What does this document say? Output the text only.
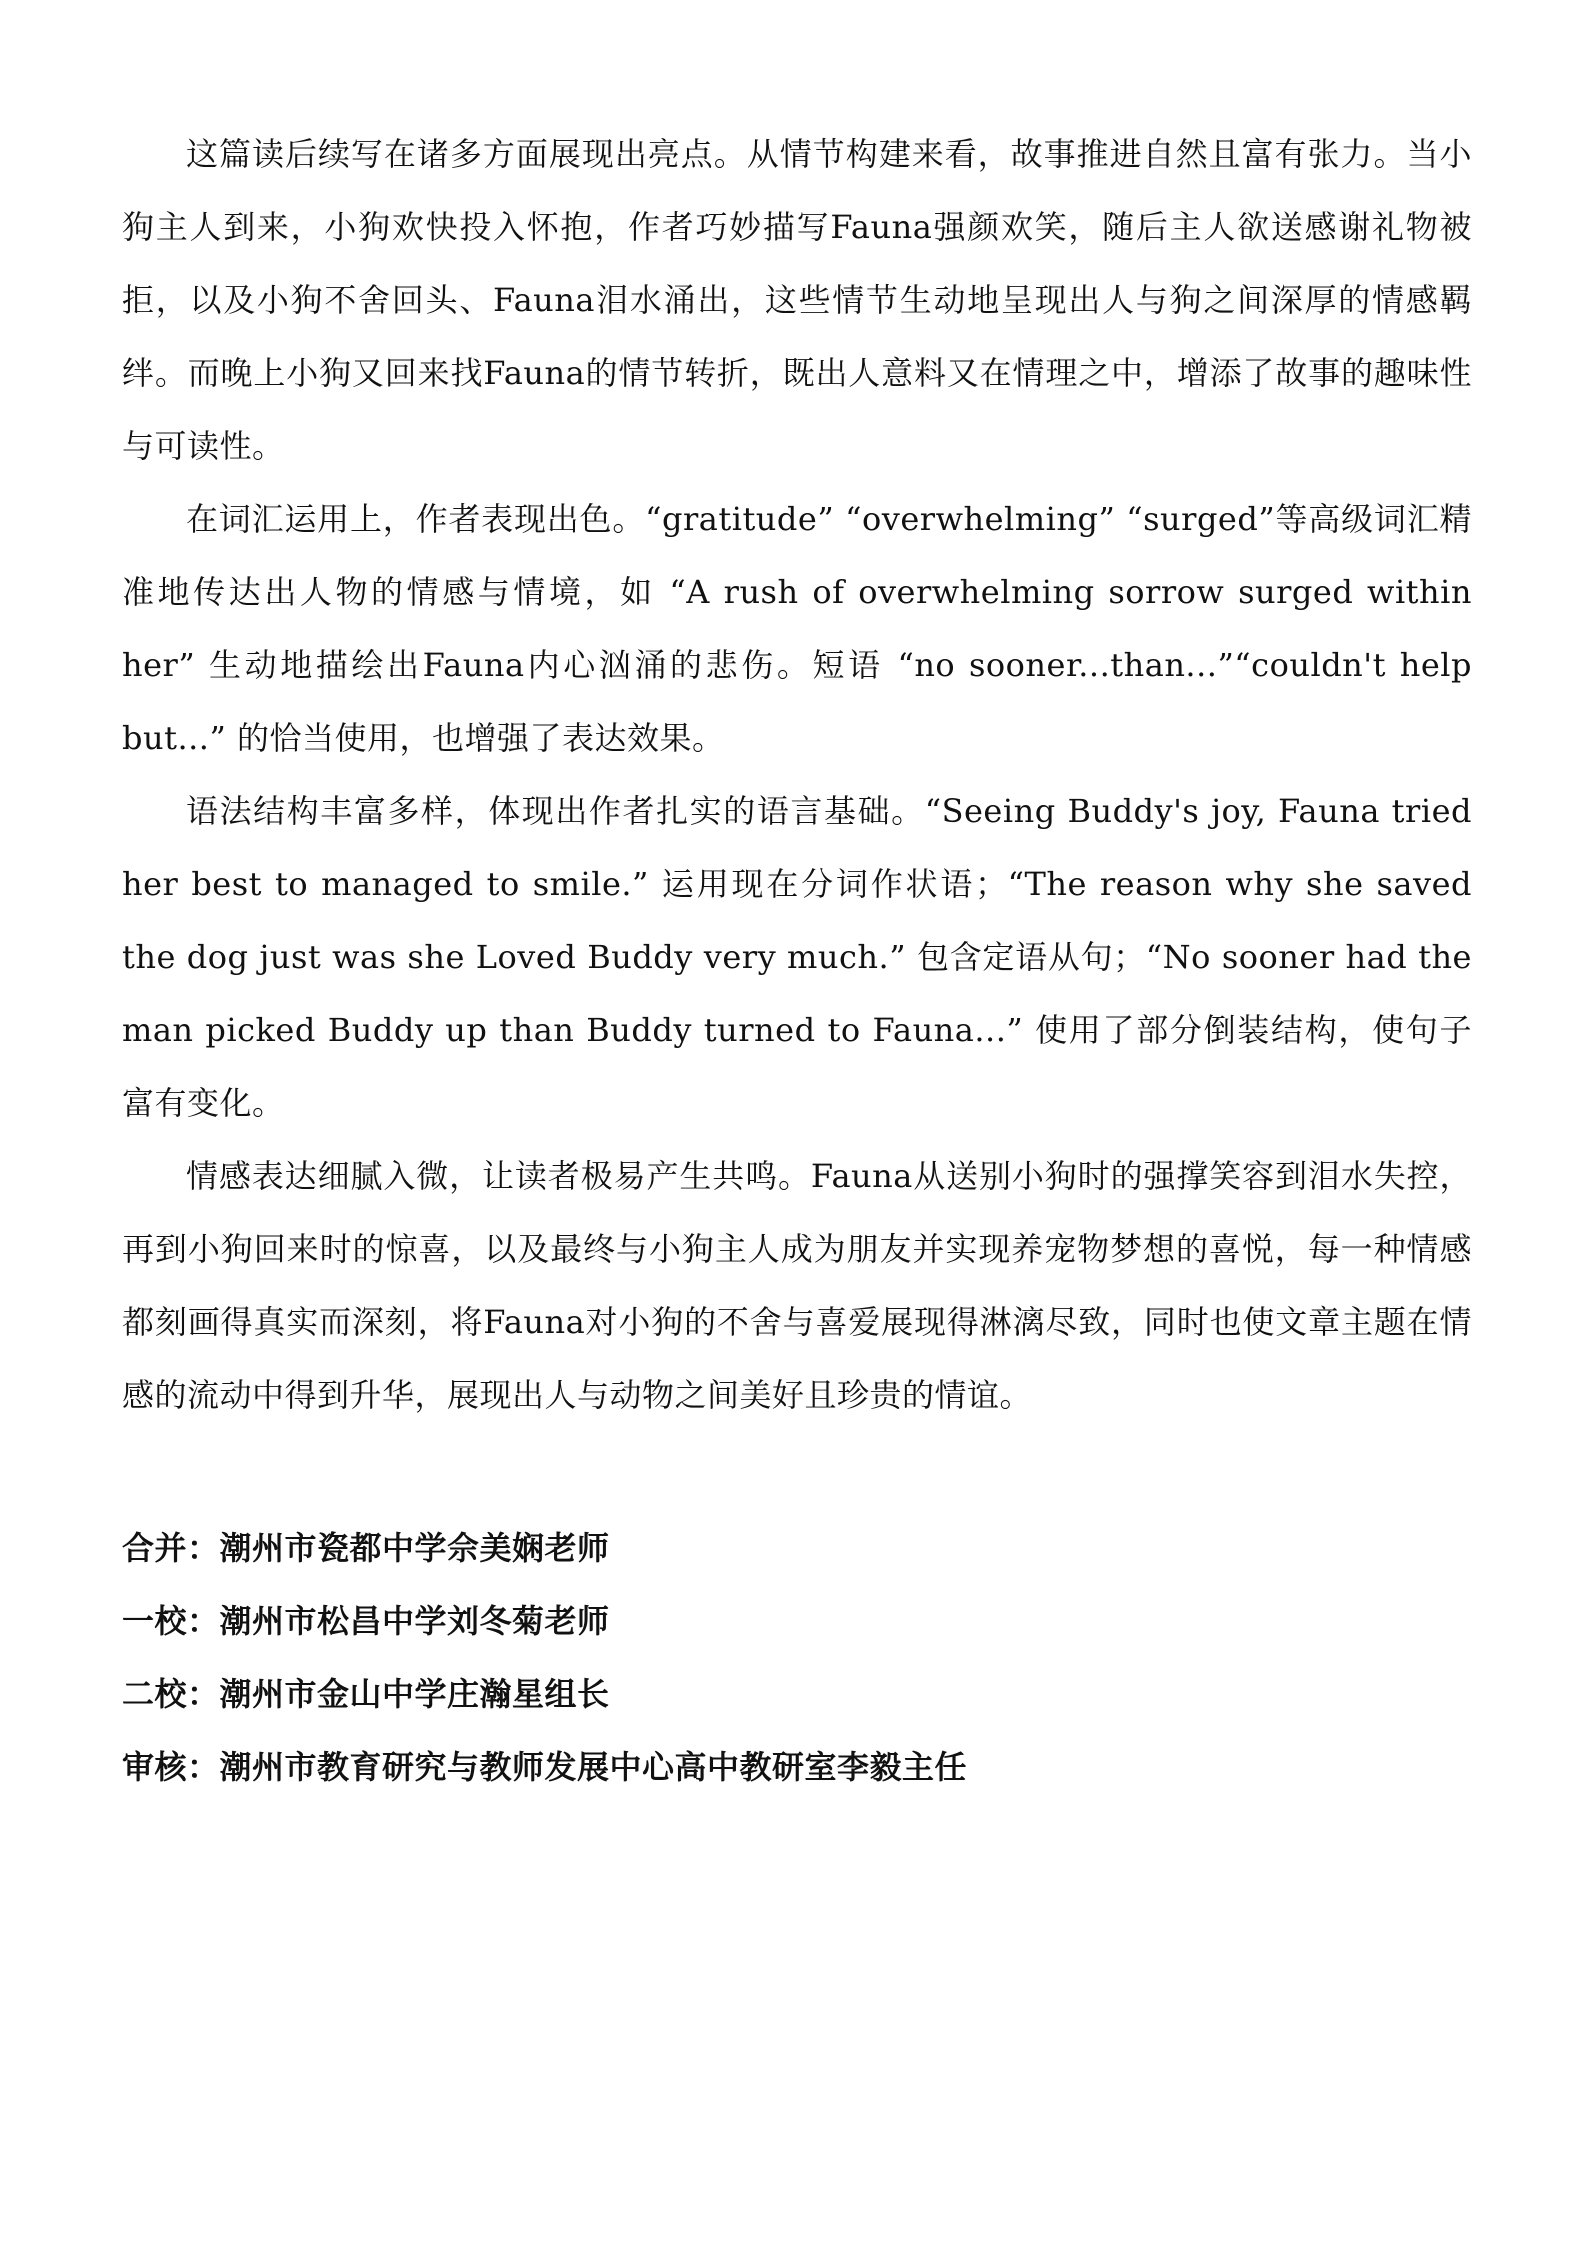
这篇读后续写在诸多方面展现出亮点。从情节构建来看，故事推进自然且富有张力。当小狗主人到来，小狗欢快投入怀抱，作者巧妙描写Fauna强颜欢笑，随后主人欲送感谢礼物被拒，以及小狗不舍回头、Fauna泪水涌出，这些情节生动地呈现出人与狗之间深厚的情感羁绊。而晚上小狗又回来找Fauna的情节转折，既出人意料又在情理之中，增添了故事的趣味性与可读性。

在词汇运用上，作者表现出色。“gratitude” “overwhelming” “surged”等高级词汇精准地传达出人物的情感与情境，如 “A rush of overwhelming sorrow surged within her” 生动地描绘出Fauna内心汹涌的悲伤。短语 “no sooner...than...”“couldn't help but...” 的恰当使用，也增强了表达效果。

语法结构丰富多样，体现出作者扎实的语言基础。“Seeing Buddy's joy, Fauna tried her best to managed to smile.” 运用现在分词作状语；“The reason why she saved the dog just was she Loved Buddy very much.” 包含定语从句；“No sooner had the man picked Buddy up than Buddy turned to Fauna...” 使用了部分倒装结构，使句子富有变化。

情感表达细腻入微，让读者极易产生共鸣。Fauna从送别小狗时的强撑笑容到泪水失控，再到小狗回来时的惊喜，以及最终与小狗主人成为朋友并实现养宠物梦想的喜悦，每一种情感都刻画得真实而深刻，将Fauna对小狗的不舍与喜爱展现得淋漓尽致，同时也使文章主题在情感的流动中得到升华，展现出人与动物之间美好且珍贵的情谊。

合并：潮州市瓷都中学佘美娴老师
一校：潮州市松昌中学刘冬菊老师
二校：潮州市金山中学庄瀚星组长
审核：潮州市教育研究与教师发展中心高中教研室李毅主任
